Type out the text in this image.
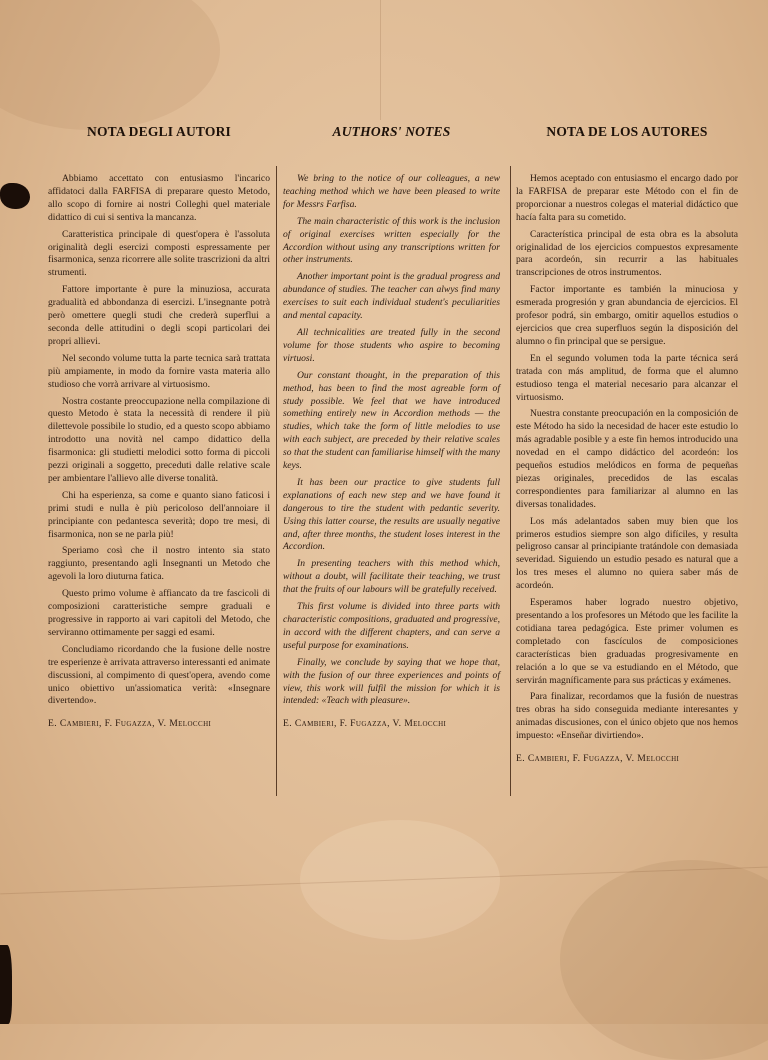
NOTA DEGLI AUTORI

Abbiamo accettato con entusiasmo l'incarico affidatoci dalla FARFISA di preparare questo Metodo, allo scopo di fornire ai nostri Colleghi quel materiale didattico di cui si sentiva la mancanza.

Caratteristica principale di quest'opera è l'assoluta originalità degli esercizi composti espressamente per fisarmonica, senza ricorrere alle solite trascrizioni da altri strumenti.

Fattore importante è pure la minuziosa, accurata gradualità ed abbondanza di esercizi. L'insegnante potrà però omettere quegli studi che crederà superflui a seconda delle attitudini o degli scopi particolari dei propri allievi.

Nel secondo volume tutta la parte tecnica sarà trattata più ampiamente, in modo da fornire vasta materia allo studioso che vorrà arrivare al virtuosismo.

Nostra costante preoccupazione nella compilazione di questo Metodo è stata la necessità di rendere il più dilettevole possibile lo studio, ed a questo scopo abbiamo introdotto una novità nel campo didattico della fisarmonica: gli studietti melodici sotto forma di piccoli pezzi originali a soggetto, preceduti dalle relative scale per ambientare l'allievo alle diverse tonalità.

Chi ha esperienza, sa come e quanto siano faticosi i primi studi e nulla è più pericoloso dell'annoiare il principiante con pedantesca severità; dopo tre mesi, di fisarmonica, non se ne parla più!

Speriamo così che il nostro intento sia stato raggiunto, presentando agli Insegnanti un Metodo che agevoli la loro diuturna fatica.

Questo primo volume è affiancato da tre fascicoli di composizioni caratteristiche sempre graduali e progressive in rapporto ai vari capitoli del Metodo, che serviranno ottimamente per saggi ed esami.

Concludiamo ricordando che la fusione delle nostre tre esperienze è arrivata attraverso interessanti ed animate discussioni, al compimento di quest'opera, avendo come unico obiettivo un'assiomatica verità: «Insegnare divertendo».

E. Cambieri, F. Fugazza, V. Melocchi

AUTHORS' NOTES

We bring to the notice of our colleagues, a new teaching method which we have been pleased to write for Messrs Farfisa.

The main characteristic of this work is the inclusion of original exercises written especially for the Accordion without using any transcriptions written for other instruments.

Another important point is the gradual progress and abundance of studies. The teacher can alwys find many exercises to suit each individual student's peculiarities and mental capacity.

All technicalities are treated fully in the second volume for those students who aspire to becoming virtuosi.

Our constant thought, in the preparation of this method, has been to find the most agreable form of study possible. We feel that we have introduced something entirely new in Accordion methods — the studies, which take the form of little melodies to use with each subject, are preceded by their relative scales so that the student can familiarise himself with the many keys.

It has been our practice to give students full explanations of each new step and we have found it dangerous to tire the student with pedantic severity. Using this latter course, the results are usually negative and, after three months, the student loses interest in the Accordion.

In presenting teachers with this method which, without a doubt, will facilitate their teaching, we trust that the fruits of our labours will be gratefully received.

This first volume is divided into three parts with characteristic compositions, graduated and progressive, in accord with the different chapters, and can serve a useful purpose for examinations.

Finally, we conclude by saying that we hope that, with the fusion of our three experiences and points of view, this work will fulfil the mission for which it is intended: «Teach with pleasure».

E. Cambieri, F. Fugazza, V. Melocchi

NOTA DE LOS AUTORES

Hemos aceptado con entusiasmo el encargo dado por la FARFISA de preparar este Método con el fin de proporcionar a nuestros colegas el material didáctico que hacía falta para su cometido.

Característica principal de esta obra es la absoluta originalidad de los ejercicios compuestos expresamente para acordeón, sin recurrir a las habituales transcripciones de otros instrumentos.

Factor importante es también la minuciosa y esmerada progresión y gran abundancia de ejercicios. El profesor podrá, sin embargo, omitir aquellos estudios o ejercicios que crea superfluos según la disposición del alumno o fin principal que se persigue.

En el segundo volumen toda la parte técnica será tratada con más amplitud, de forma que el alumno estudioso tenga el material necesario para alcanzar el virtuosismo.

Nuestra constante preocupación en la composición de este Método ha sido la necesidad de hacer este estudio lo más agradable posible y a este fin hemos introducido una novedad en el campo didáctico del acordeón: los pequeños estudios melódicos en forma de pequeñas piezas originales, precedidos de las escalas correspondientes para familiarizar al alumno en las diversas tonalidades.

Los más adelantados saben muy bien que los primeros estudios siempre son algo difíciles, y resulta peligroso cansar al principiante tratándole con demasiada severidad. Siguiendo un estudio pesado es natural que a los tres meses el alumno no quiera saber más de acordeón.

Esperamos haber logrado nuestro objetivo, presentando a los profesores un Método que les facilite la cotidiana tarea pedagógica. Este primer volumen es completado con fascículos de composiciones características bien graduadas progresivamente en relación a lo que se va estudiando en el Método, que servirán magníficamente para sus prácticas y exámenes.

Para finalizar, recordamos que la fusión de nuestras tres obras ha sido conseguida mediante interesantes y animadas discusiones, con el único objeto que nos hemos impuesto: «Enseñar divirtiendo».

E. Cambieri, F. Fugazza, V. Melocchi
